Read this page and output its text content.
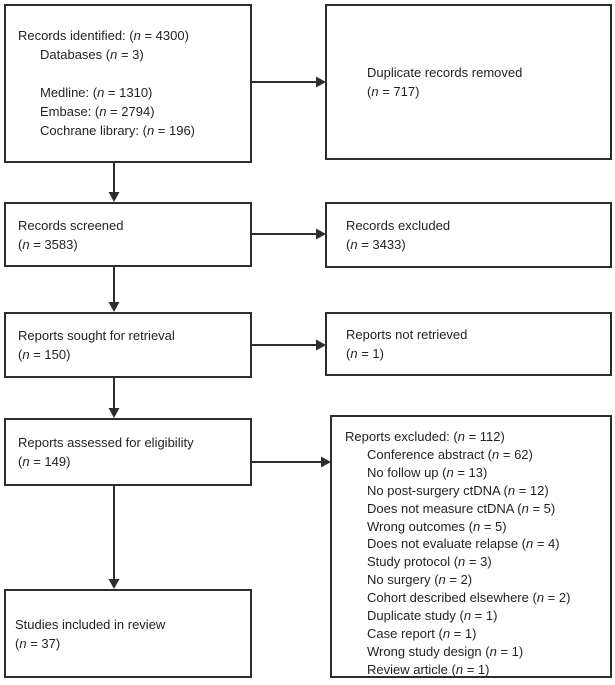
Records identified: (n = 4300)
Databases (n = 3)
Medline: (n = 1310)
Embase: (n = 2794)
Cochrane library: (n = 196)
Duplicate records removed
(n = 717)
Records screened
(n = 3583)
Records excluded
(n = 3433)
Reports sought for retrieval
(n = 150)
Reports not retrieved
(n = 1)
Reports assessed for eligibility
(n = 149)
Reports excluded: (n = 112)
Conference abstract (n = 62)
No follow up (n = 13)
No post-surgery ctDNA (n = 12)
Does not measure ctDNA (n = 5)
Wrong outcomes (n = 5)
Does not evaluate relapse (n = 4)
Study protocol (n = 3)
No surgery (n = 2)
Cohort described elsewhere (n = 2)
Duplicate study (n = 1)
Case report (n = 1)
Wrong study design (n = 1)
Review article (n = 1)
Studies included in review
(n = 37)
